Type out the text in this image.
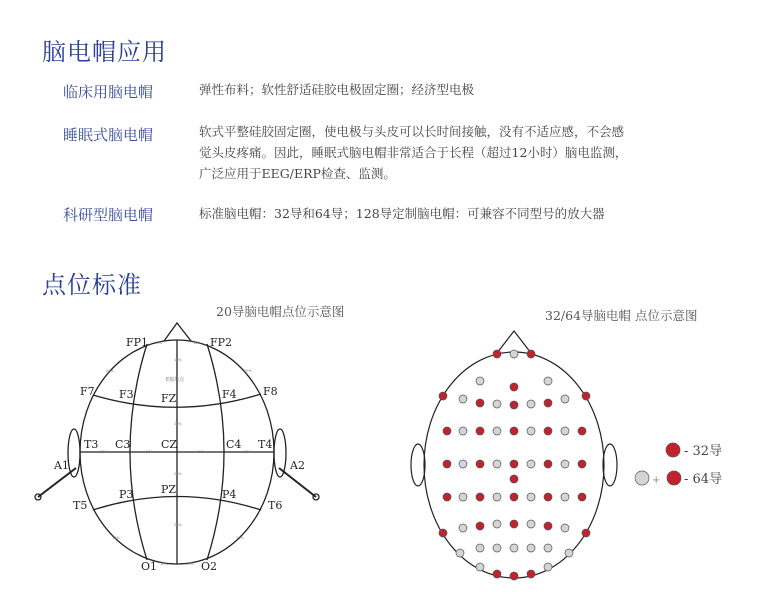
脑电帽应用
临床用脑电帽	弹性布料；软性舒适硅胶电极固定圈；经济型电极
睡眠式脑电帽	软式平整硅胶固定圈，使电极与头皮可以长时间接触，没有不适应感，不会感觉头皮疼痛。因此，睡眠式脑电帽非常适合于长程（超过12小时）脑电监测，广泛应用于EEG/ERP检查、监测。
科研型脑电帽	标准脑电帽：32导和64导；128导定制脑电帽：可兼容不同型号的放大器
点位标准
20导脑电帽点位示意图	32/64导脑电帽 点位示意图
FP1	FP2
F7 F3 FZ	F4 F8
T3 C3	CZ	C4 T4
A1	A2
T5
P3	PZ	P4
T6
O1	O2
E接地点
10%	10%
10%
20%	20%
20%
20%	20%	20%	20%
20%
20%
10%	10%
10%	10%
- 32导
+ - 64导
